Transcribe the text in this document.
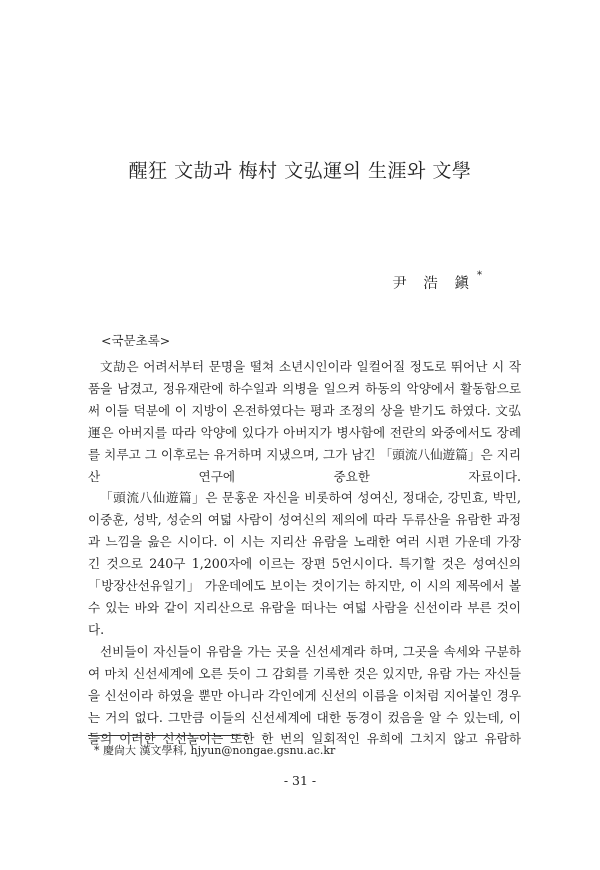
醒狂 文劼과 梅村 文弘運의 生涯와 文學
尹 浩 鎭*
<국문초록>

文劼은 어려서부터 문명을 떨쳐 소년시인이라 일컬어질 정도로 뛰어난 시 작품을 남겼고, 정유재란에 하수일과 의병을 일으켜 하동의 악양에서 활동함으로써 이들 덕분에 이 지방이 온전하였다는 평과 조정의 상을 받기도 하였다. 文弘運은 아버지를 따라 악양에 있다가 아버지가 병사함에 전란의 와중에서도 장례를 치루고 그 이후로는 유거하며 지냈으며, 그가 남긴 「頭流八仙遊篇」은 지리산 연구에 중요한 자료이다.

「頭流八仙遊篇」은 문홍운 자신을 비롯하여 성여신, 정대순, 강민효, 박민, 이중훈, 성박, 성순의 여덟 사람이 성여신의 제의에 따라 두류산을 유람한 과정과 느낌을 읊은 시이다. 이 시는 지리산 유람을 노래한 여러 시편 가운데 가장 긴 것으로 240구 1,200자에 이르는 장편 5언시이다. 특기할 것은 성여신의 「방장산선유일기」 가운데에도 보이는 것이기는 하지만, 이 시의 제목에서 볼 수 있는 바와 같이 지리산으로 유람을 떠나는 여덟 사람을 신선이라 부른 것이다.

선비들이 자신들이 유람을 가는 곳을 신선세계라 하며, 그곳을 속세와 구분하여 마치 신선세계에 오른 듯이 그 감회를 기록한 것은 있지만, 유람 가는 자신들을 신선이라 하였을 뿐만 아니라 각인에게 신선의 이름을 이처럼 지어붙인 경우는 거의 없다. 그만큼 이들의 신선세계에 대한 동경이 컸음을 알 수 있는데, 이들의 이러한 신선놀이는 또한 한 번의 일회적인 유희에 그치지 않고 유람하

* 慶尙大 漢文學科, hjyun@nongae.gsnu.ac.kr
- 31 -
